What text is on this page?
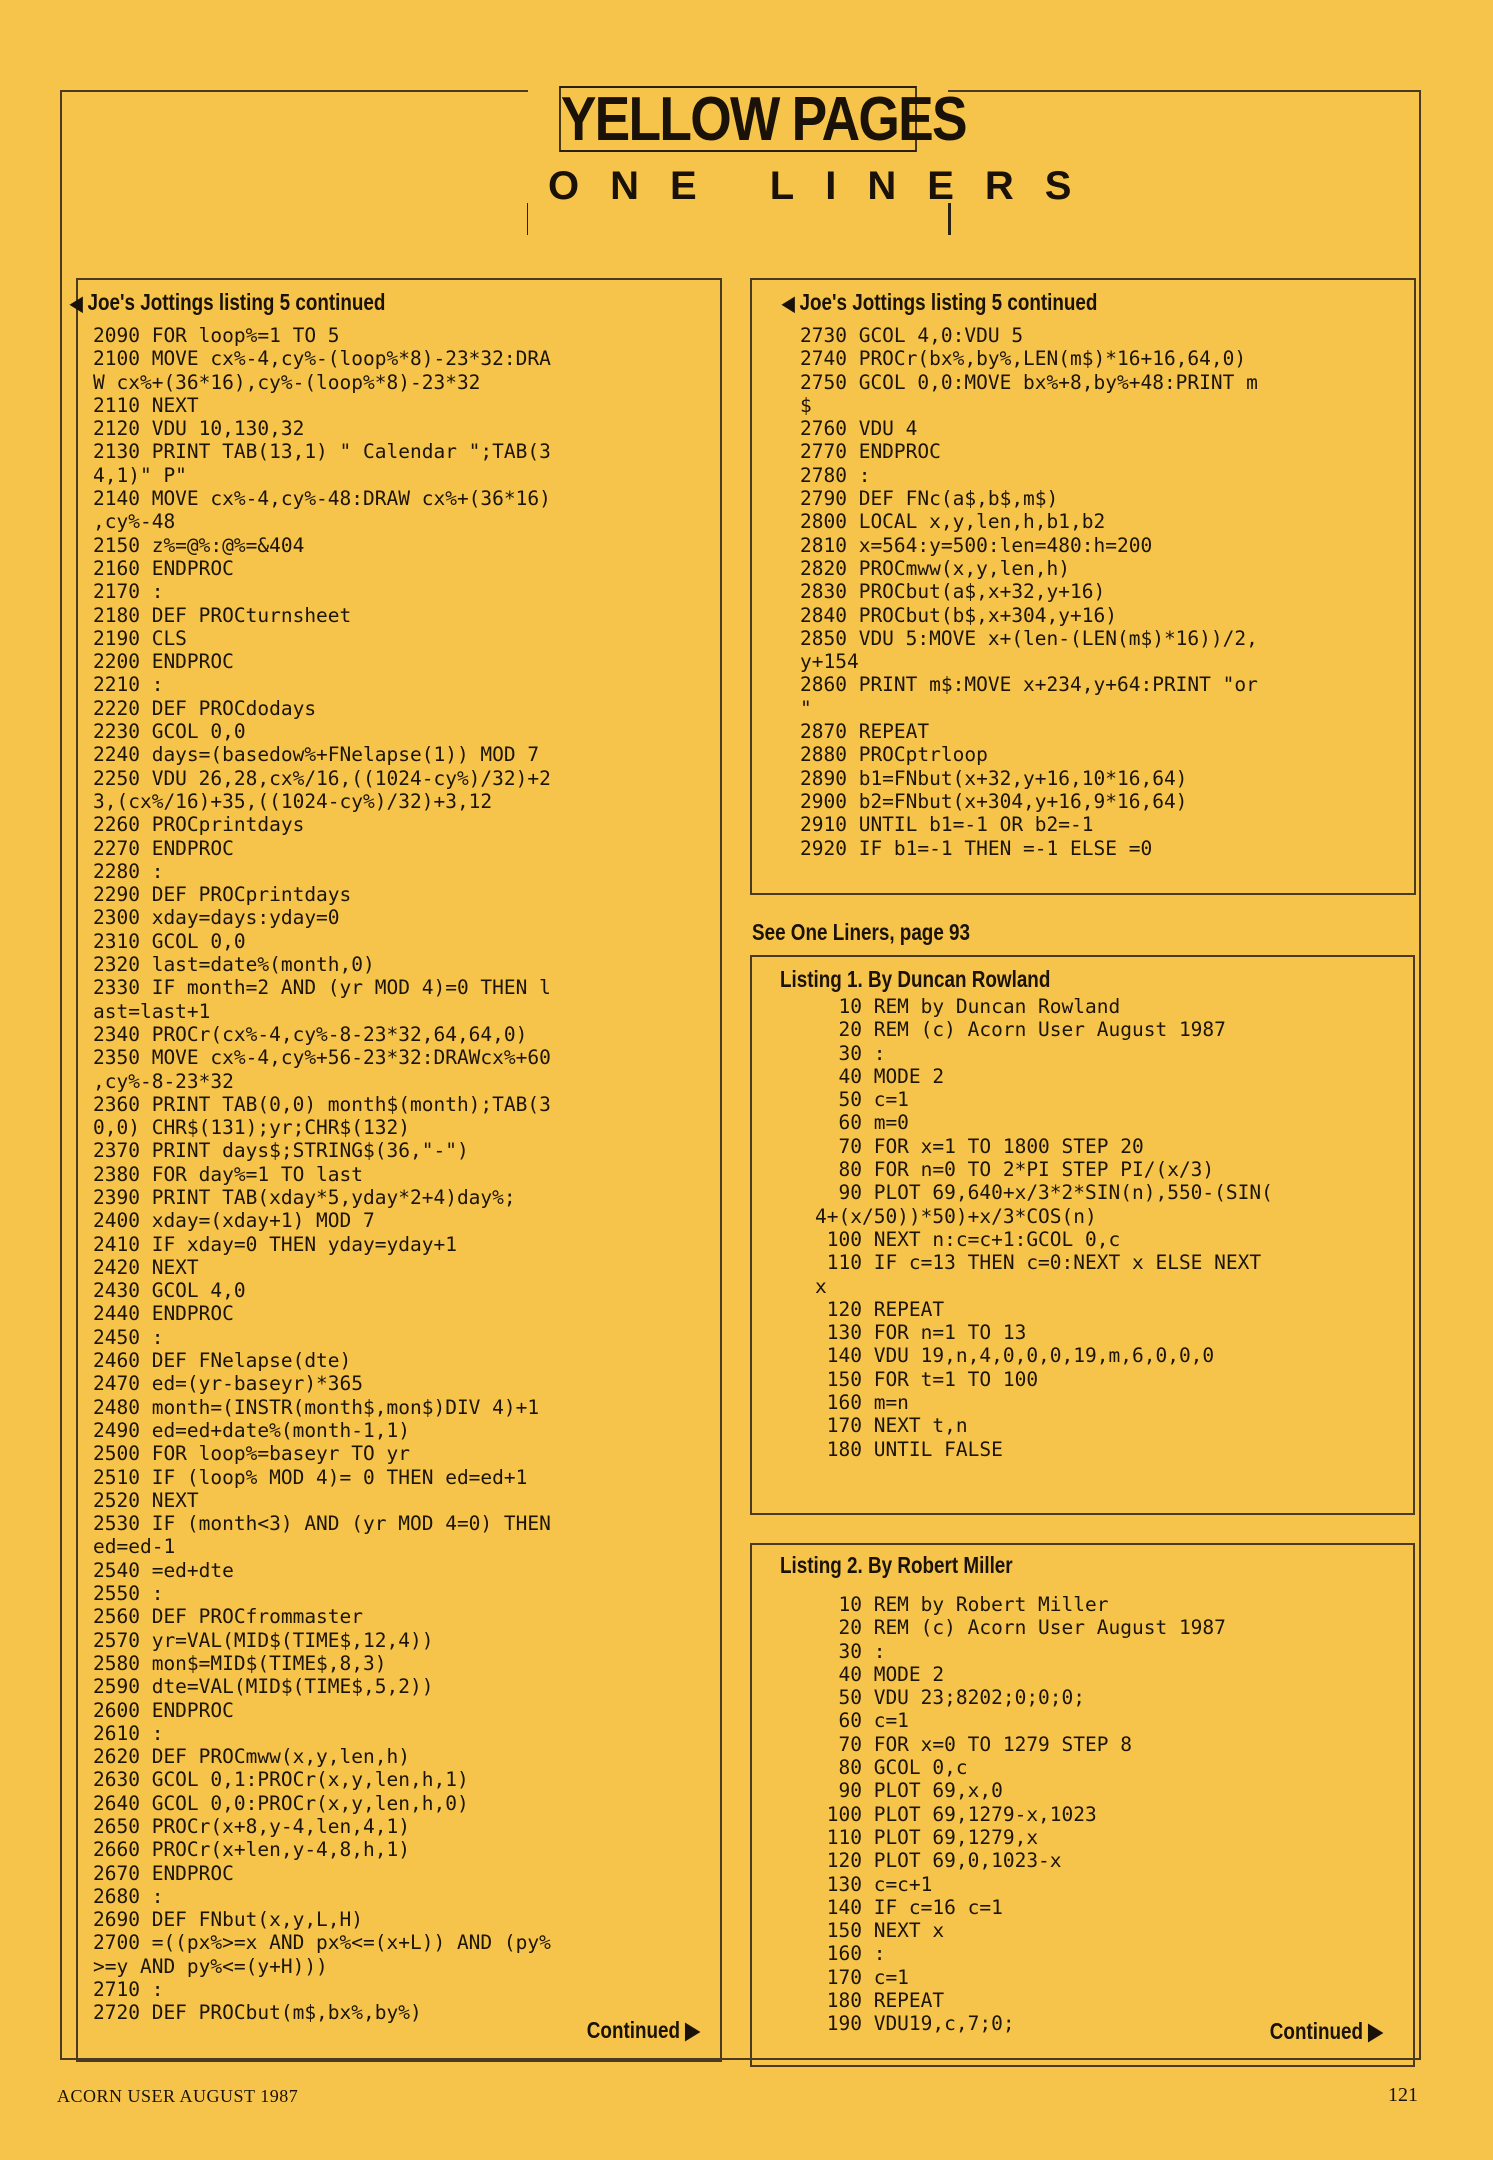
YELLOW PAGES
ONE LINERS
◀ Joe's Jottings listing 5 continued
2090 FOR loop%=1 TO 5
2100 MOVE cx%-4,cy%-(loop%*8)-23*32:DRA
W cx%+(36*16),cy%-(loop%*8)-23*32
2110 NEXT
2120 VDU 10,130,32
2130 PRINT TAB(13,1) " Calendar ";TAB(3
4,1)" P"
2140 MOVE cx%-4,cy%-48:DRAW cx%+(36*16)
,cy%-48
2150 z%=@%:@%=&404
2160 ENDPROC
2170 :
2180 DEF PROCturnsheet
2190 CLS
2200 ENDPROC
2210 :
2220 DEF PROCdodays
2230 GCOL 0,0
2240 days=(basedow%+FNelapse(1)) MOD 7
2250 VDU 26,28,cx%/16,((1024-cy%)/32)+2
3,(cx%/16)+35,((1024-cy%)/32)+3,12
2260 PROCprintdays
2270 ENDPROC
2280 :
2290 DEF PROCprintdays
2300 xday=days:yday=0
2310 GCOL 0,0
2320 last=date%(month,0)
2330 IF month=2 AND (yr MOD 4)=0 THEN l
ast=last+1
2340 PROCr(cx%-4,cy%-8-23*32,64,64,0)
2350 MOVE cx%-4,cy%+56-23*32:DRAWcx%+60
,cy%-8-23*32
2360 PRINT TAB(0,0) month$(month);TAB(3
0,0) CHR$(131);yr;CHR$(132)
2370 PRINT days$;STRING$(36,"-")
2380 FOR day%=1 TO last
2390 PRINT TAB(xday*5,yday*2+4)day%;
2400 xday=(xday+1) MOD 7
2410 IF xday=0 THEN yday=yday+1
2420 NEXT
2430 GCOL 4,0
2440 ENDPROC
2450 :
2460 DEF FNelapse(dte)
2470 ed=(yr-baseyr)*365
2480 month=(INSTR(month$,mon$)DIV 4)+1
2490 ed=ed+date%(month-1,1)
2500 FOR loop%=baseyr TO yr
2510 IF (loop% MOD 4)= 0 THEN ed=ed+1
2520 NEXT
2530 IF (month<3) AND (yr MOD 4=0) THEN
ed=ed-1
2540 =ed+dte
2550 :
2560 DEF PROCfrommaster
2570 yr=VAL(MID$(TIME$,12,4))
2580 mon$=MID$(TIME$,8,3)
2590 dte=VAL(MID$(TIME$,5,2))
2600 ENDPROC
2610 :
2620 DEF PROCmww(x,y,len,h)
2630 GCOL 0,1:PROCr(x,y,len,h,1)
2640 GCOL 0,0:PROCr(x,y,len,h,0)
2650 PROCr(x+8,y-4,len,4,1)
2660 PROCr(x+len,y-4,8,h,1)
2670 ENDPROC
2680 :
2690 DEF FNbut(x,y,L,H)
2700 =((px%>=x AND px%<=(x+L)) AND (py%
>=y AND py%<=(y+H)))
2710 :
2720 DEF PROCbut(m$,bx%,by%)
Continued ▶
◀ Joe's Jottings listing 5 continued
2730 GCOL 4,0:VDU 5
2740 PROCr(bx%,by%,LEN(m$)*16+16,64,0)
2750 GCOL 0,0:MOVE bx%+8,by%+48:PRINT m
$
2760 VDU 4
2770 ENDPROC
2780 :
2790 DEF FNc(a$,b$,m$)
2800 LOCAL x,y,len,h,b1,b2
2810 x=564:y=500:len=480:h=200
2820 PROCmww(x,y,len,h)
2830 PROCbut(a$,x+32,y+16)
2840 PROCbut(b$,x+304,y+16)
2850 VDU 5:MOVE x+(len-(LEN(m$)*16))/2,
y+154
2860 PRINT m$:MOVE x+234,y+64:PRINT "or
"
2870 REPEAT
2880 PROCptrloop
2890 b1=FNbut(x+32,y+16,10*16,64)
2900 b2=FNbut(x+304,y+16,9*16,64)
2910 UNTIL b1=-1 OR b2=-1
2920 IF b1=-1 THEN =-1 ELSE =0
See One Liners, page 93
Listing 1. By Duncan Rowland
10 REM by Duncan Rowland
20 REM (c) Acorn User August 1987
30 :
40 MODE 2
50 c=1
60 m=0
70 FOR x=1 TO 1800 STEP 20
80 FOR n=0 TO 2*PI STEP PI/(x/3)
90 PLOT 69,640+x/3*2*SIN(n),550-(SIN(
4+(x/50))*50)+x/3*COS(n)
100 NEXT n:c=c+1:GCOL 0,c
110 IF c=13 THEN c=0:NEXT x ELSE NEXT
x
120 REPEAT
130 FOR n=1 TO 13
140 VDU 19,n,4,0,0,0,19,m,6,0,0,0
150 FOR t=1 TO 100
160 m=n
170 NEXT t,n
180 UNTIL FALSE
Listing 2. By Robert Miller
10 REM by Robert Miller
20 REM (c) Acorn User August 1987
30 :
40 MODE 2
50 VDU 23;8202;0;0;0;
60 c=1
70 FOR x=0 TO 1279 STEP 8
80 GCOL 0,c
90 PLOT 69,x,0
100 PLOT 69,1279-x,1023
110 PLOT 69,1279,x
120 PLOT 69,0,1023-x
130 c=c+1
140 IF c=16 c=1
150 NEXT x
160 :
170 c=1
180 REPEAT
190 VDU19,c,7;0;	Continued ▶
ACORN USER AUGUST 1987	121
